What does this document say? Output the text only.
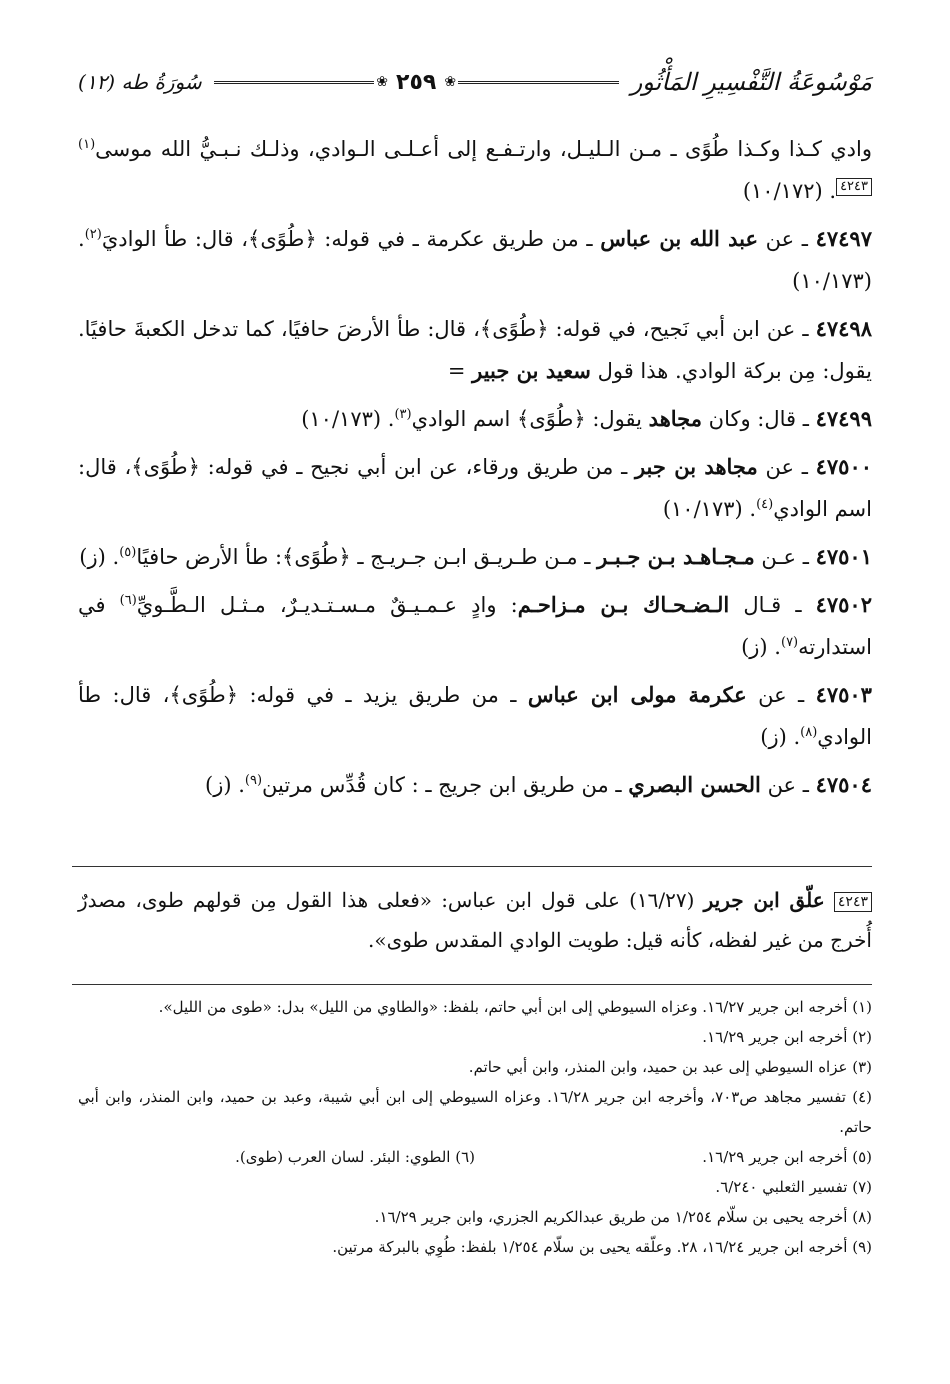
مَوْسُوعَةُ التَّفْسِيرِ المَأْثُور
❀
٢٥٩
❀
سُورَةُ طه (١٢)

وادي كـذا وكـذا طُوًى ـ مـن الـليـل، وارتـفـع إلى أعـلـى الـوادي، وذلـك نـبـيُّ الله موسى$^{(١)}$٤٢٤٣. (١٠/١٧٢)

٤٧٤٩٧ ـ عن عبد الله بن عباس ـ من طريق عكرمة ـ في قوله: ﴿طُوًى﴾، قال: طأ الواديَ$^{(٢)}$. (١٠/١٧٣)

٤٧٤٩٨ ـ عن ابن أبي نَجيح، في قوله: ﴿طُوًى﴾، قال: طأ الأرضَ حافيًا، كما تدخل الكعبةَ حافيًا. يقول: مِن بركة الوادي. هذا قول سعيد بن جبير =

٤٧٤٩٩ ـ قال: وكان مجاهد يقول: ﴿طُوًى﴾ اسم الوادي$^{(٣)}$. (١٠/١٧٣)

٤٧٥٠٠ ـ عن مجاهد بن جبر ـ من طريق ورقاء، عن ابن أبي نجيح ـ في قوله: ﴿طُوًى﴾، قال: اسم الوادي$^{(٤)}$. (١٠/١٧٣)

٤٧٥٠١ ـ عـن مـجـاهـد بـن جـبـر ـ مـن طـريـق ابـن جـريـج ـ ﴿طُوًى﴾: طأ الأرض حافيًا$^{(٥)}$. (ز)

٤٧٥٠٢ ـ قـال الـضـحـاك بـن مـزاحـم: وادٍ عـمـيـقٌ مـسـتـديـرٌ، مـثـل الـطَّـويِّ$^{(٦)}$ في استدارته$^{(٧)}$. (ز)

٤٧٥٠٣ ـ عن عكرمة مولى ابن عباس ـ من طريق يزيد ـ في قوله: ﴿طُوًى﴾، قال: طأ الوادي$^{(٨)}$. (ز)

٤٧٥٠٤ ـ عن الحسن البصري ـ من طريق ابن جريج ـ : كان قُدِّس مرتين$^{(٩)}$. (ز)

٤٢٤٣ علّق ابن جرير (١٦/٢٧) على قول ابن عباس: «فعلى هذا القول مِن قولهم طوى، مصدرٌ أُخرج من غير لفظه، كأنه قيل: طويت الوادي المقدس طوى».

(١) أخرجه ابن جرير ١٦/٢٧. وعزاه السيوطي إلى ابن أبي حاتم، بلفظ: «والطاوي من الليل» بدل: «طوى من الليل».

(٢) أخرجه ابن جرير ١٦/٢٩.

(٣) عزاه السيوطي إلى عبد بن حميد، وابن المنذر، وابن أبي حاتم.

(٤) تفسير مجاهد ص٧٠٣، وأخرجه ابن جرير ١٦/٢٨. وعزاه السيوطي إلى ابن أبي شيبة، وعبد بن حميد، وابن المنذر، وابن أبي حاتم.

(٥) أخرجه ابن جرير ١٦/٢٩.

(٦) الطوي: البئر. لسان العرب (طوى).

(٧) تفسير الثعلبي ٦/٢٤٠.

(٨) أخرجه يحيى بن سلّام ١/٢٥٤ من طريق عبدالكريم الجزري، وابن جرير ١٦/٢٩.

(٩) أخرجه ابن جرير ١٦/٢٤، ٢٨. وعلّقه يحيى بن سلّام ١/٢٥٤ بلفظ: طُوِي بالبركة مرتين.
